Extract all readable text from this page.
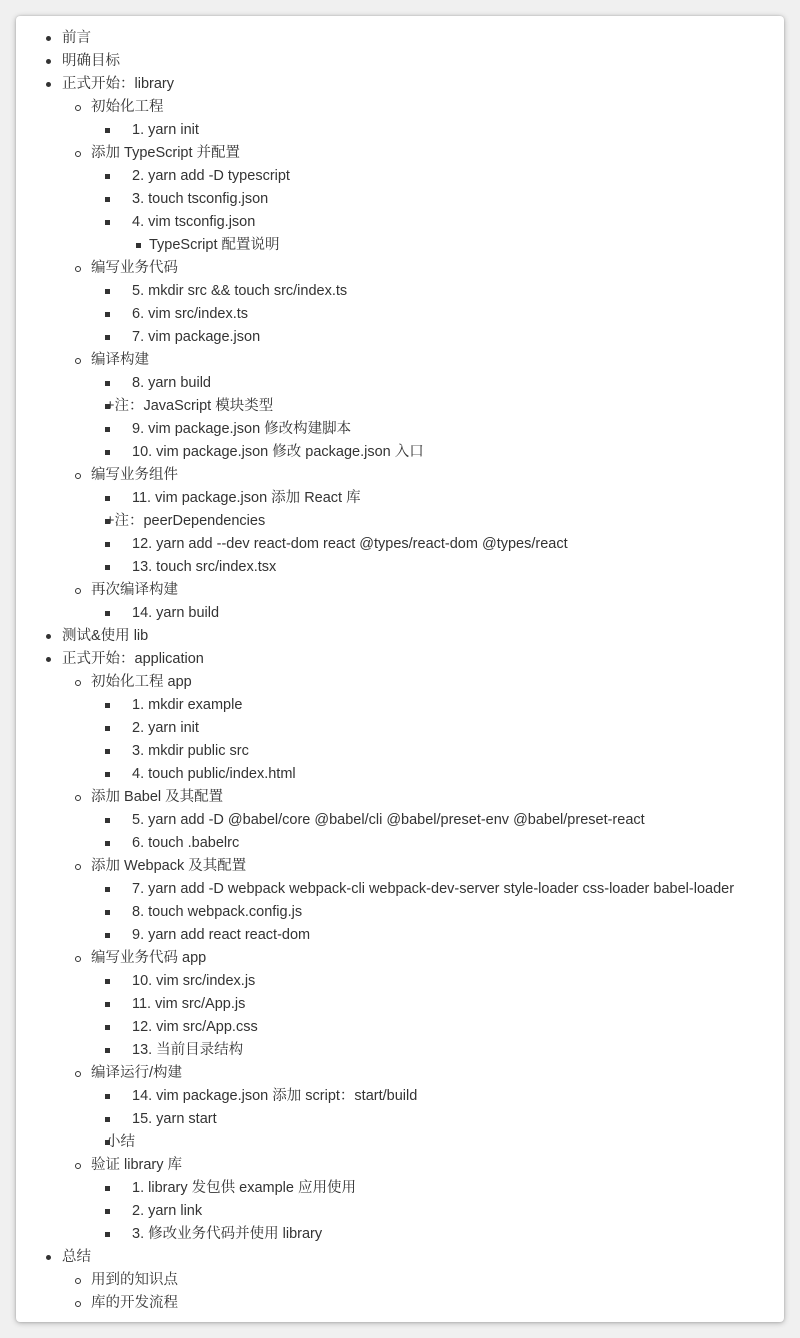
前言
明确目标
正式开始：library
初始化工程
1. yarn init
添加 TypeScript 并配置
2. yarn add -D typescript
3. touch tsconfig.json
4. vim tsconfig.json
TypeScript 配置说明
编写业务代码
5. mkdir src && touch src/index.ts
6. vim src/index.ts
7. vim package.json
编译构建
8. yarn build
+注：JavaScript 模块类型
9. vim package.json 修改构建脚本
10. vim package.json 修改 package.json 入口
编写业务组件
11. vim package.json 添加 React 库
+注：peerDependencies
12. yarn add --dev react-dom react @types/react-dom @types/react
13. touch src/index.tsx
再次编译构建
14. yarn build
测试&使用 lib
正式开始：application
初始化工程 app
1. mkdir example
2. yarn init
3. mkdir public src
4. touch public/index.html
添加 Babel 及其配置
5. yarn add -D @babel/core @babel/cli @babel/preset-env @babel/preset-react
6. touch .babelrc
添加 Webpack 及其配置
7. yarn add -D webpack webpack-cli webpack-dev-server style-loader css-loader babel-loader
8. touch webpack.config.js
9. yarn add react react-dom
编写业务代码 app
10. vim src/index.js
11. vim src/App.js
12. vim src/App.css
13. 当前目录结构
编译运行/构建
14. vim package.json 添加 script：start/build
15. yarn start
小结
验证 library 库
1. library 发包供 example 应用使用
2. yarn link
3. 修改业务代码并使用 library
总结
用到的知识点
库的开发流程
